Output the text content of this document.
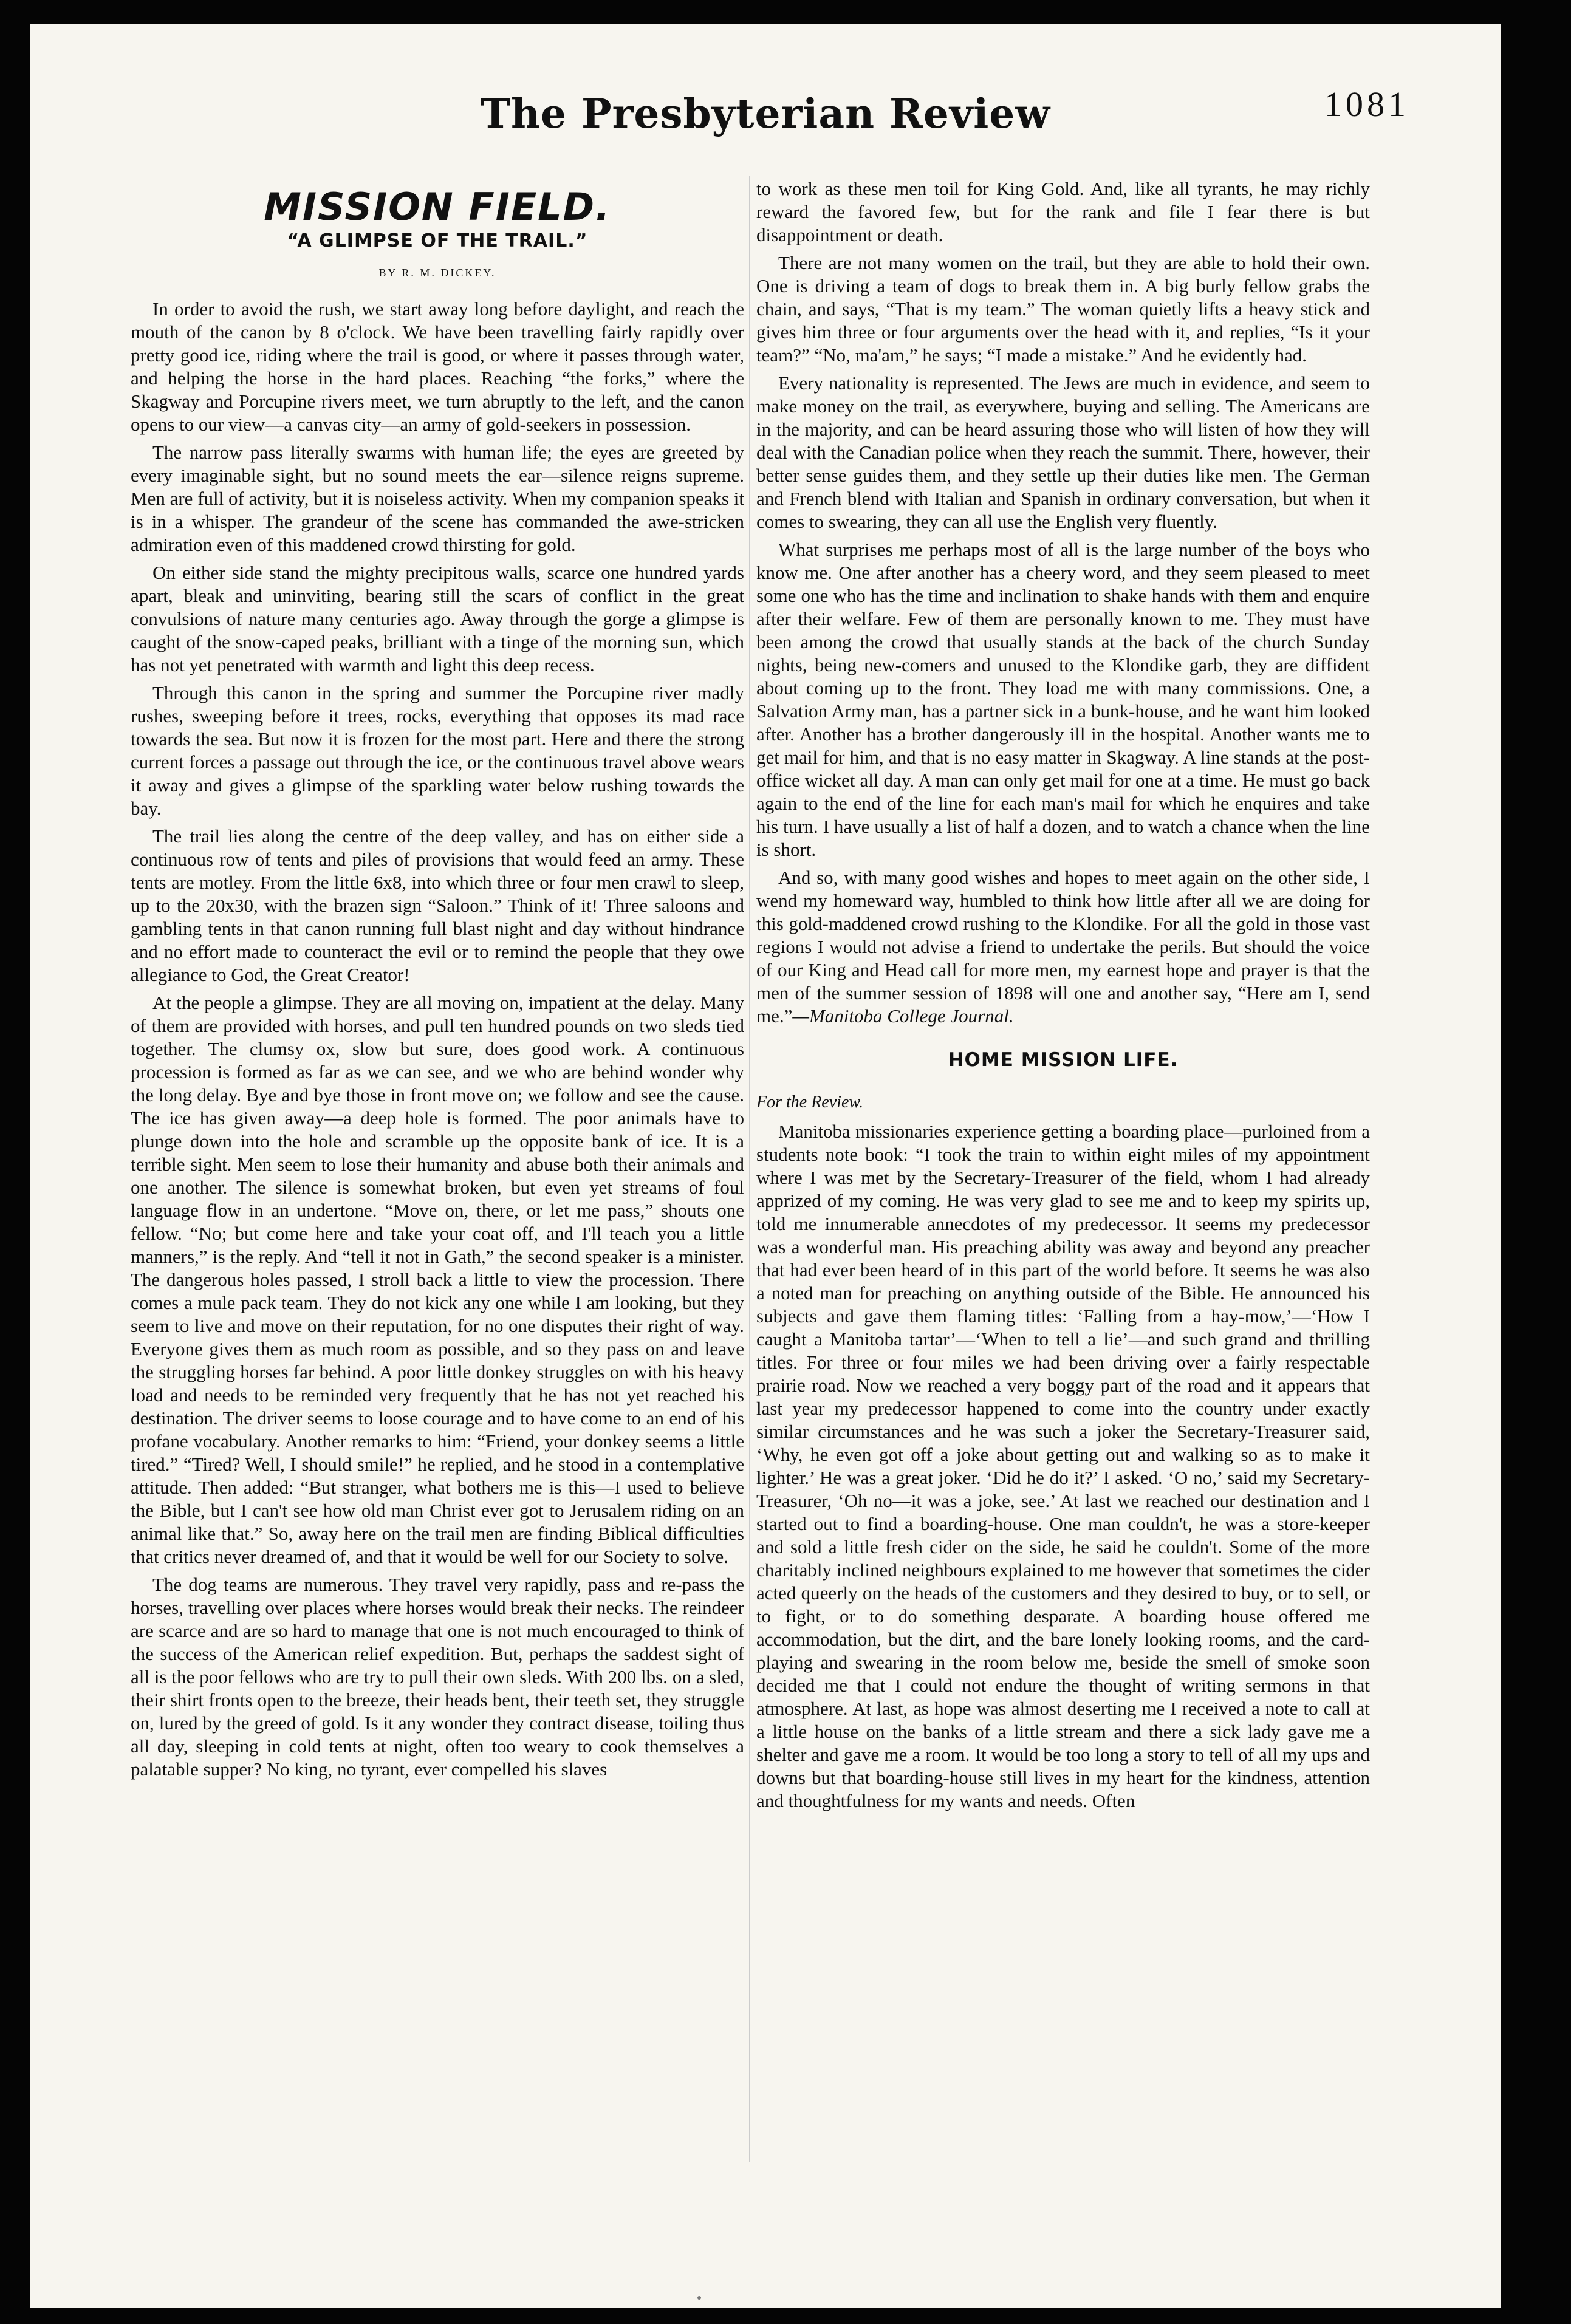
The Presbyterian Review	1081
MISSION FIELD.
“A GLIMPSE OF THE TRAIL.”
BY R. M. DICKEY.

In order to avoid the rush, we start away long before daylight, and reach the mouth of the canon by 8 o'clock. We have been travelling fairly rapidly over pretty good ice, riding where the trail is good, or where it passes through water, and helping the horse in the hard places. Reaching “the forks,” where the Skagway and Porcupine rivers meet, we turn abruptly to the left, and the canon opens to our view—a canvas city—an army of gold-seekers in possession.

The narrow pass literally swarms with human life; the eyes are greeted by every imaginable sight, but no sound meets the ear—silence reigns supreme. Men are full of activity, but it is noiseless activity. When my companion speaks it is in a whisper. The grandeur of the scene has commanded the awe-stricken admiration even of this maddened crowd thirsting for gold.

On either side stand the mighty precipitous walls, scarce one hundred yards apart, bleak and uninviting, bearing still the scars of conflict in the great convulsions of nature many centuries ago. Away through the gorge a glimpse is caught of the snow-caped peaks, brilliant with a tinge of the morning sun, which has not yet penetrated with warmth and light this deep recess.

Through this canon in the spring and summer the Porcupine river madly rushes, sweeping before it trees, rocks, everything that opposes its mad race towards the sea. But now it is frozen for the most part. Here and there the strong current forces a passage out through the ice, or the continuous travel above wears it away and gives a glimpse of the sparkling water below rushing towards the bay.

The trail lies along the centre of the deep valley, and has on either side a continuous row of tents and piles of provisions that would feed an army. These tents are motley. From the little 6x8, into which three or four men crawl to sleep, up to the 20x30, with the brazen sign “Saloon.” Think of it! Three saloons and gambling tents in that canon running full blast night and day without hindrance and no effort made to counteract the evil or to remind the people that they owe allegiance to God, the Great Creator!

At the people a glimpse. They are all moving on, impatient at the delay. Many of them are provided with horses, and pull ten hundred pounds on two sleds tied together. The clumsy ox, slow but sure, does good work. A continuous procession is formed as far as we can see, and we who are behind wonder why the long delay. Bye and bye those in front move on; we follow and see the cause. The ice has given away—a deep hole is formed. The poor animals have to plunge down into the hole and scramble up the opposite bank of ice. It is a terrible sight. Men seem to lose their humanity and abuse both their animals and one another. The silence is somewhat broken, but even yet streams of foul language flow in an undertone. “Move on, there, or let me pass,” shouts one fellow. “No; but come here and take your coat off, and I'll teach you a little manners,” is the reply. And “tell it not in Gath,” the second speaker is a minister. The dangerous holes passed, I stroll back a little to view the procession. There comes a mule pack team. They do not kick any one while I am looking, but they seem to live and move on their reputation, for no one disputes their right of way. Everyone gives them as much room as possible, and so they pass on and leave the struggling horses far behind. A poor little donkey struggles on with his heavy load and needs to be reminded very frequently that he has not yet reached his destination. The driver seems to loose courage and to have come to an end of his profane vocabulary. Another remarks to him: “Friend, your donkey seems a little tired.” “Tired? Well, I should smile!” he replied, and he stood in a contemplative attitude. Then added: “But stranger, what bothers me is this—I used to believe the Bible, but I can't see how old man Christ ever got to Jerusalem riding on an animal like that.” So, away here on the trail men are finding Biblical difficulties that critics never dreamed of, and that it would be well for our Society to solve.

The dog teams are numerous. They travel very rapidly, pass and re-pass the horses, travelling over places where horses would break their necks. The reindeer are scarce and are so hard to manage that one is not much encouraged to think of the success of the American relief expedition. But, perhaps the saddest sight of all is the poor fellows who are try to pull their own sleds. With 200 lbs. on a sled, their shirt fronts open to the breeze, their heads bent, their teeth set, they struggle on, lured by the greed of gold. Is it any wonder they contract disease, toiling thus all day, sleeping in cold tents at night, often too weary to cook themselves a palatable supper? No king, no tyrant, ever compelled his slaves

to work as these men toil for King Gold. And, like all tyrants, he may richly reward the favored few, but for the rank and file I fear there is but disappointment or death.

There are not many women on the trail, but they are able to hold their own. One is driving a team of dogs to break them in. A big burly fellow grabs the chain, and says, “That is my team.” The woman quietly lifts a heavy stick and gives him three or four arguments over the head with it, and replies, “Is it your team?” “No, ma'am,” he says; “I made a mistake.” And he evidently had.

Every nationality is represented. The Jews are much in evidence, and seem to make money on the trail, as everywhere, buying and selling. The Americans are in the majority, and can be heard assuring those who will listen of how they will deal with the Canadian police when they reach the summit. There, however, their better sense guides them, and they settle up their duties like men. The German and French blend with Italian and Spanish in ordinary conversation, but when it comes to swearing, they can all use the English very fluently.

What surprises me perhaps most of all is the large number of the boys who know me. One after another has a cheery word, and they seem pleased to meet some one who has the time and inclination to shake hands with them and enquire after their welfare. Few of them are personally known to me. They must have been among the crowd that usually stands at the back of the church Sunday nights, being new-comers and unused to the Klondike garb, they are diffident about coming up to the front. They load me with many commissions. One, a Salvation Army man, has a partner sick in a bunk-house, and he want him looked after. Another has a brother dangerously ill in the hospital. Another wants me to get mail for him, and that is no easy matter in Skagway. A line stands at the post-office wicket all day. A man can only get mail for one at a time. He must go back again to the end of the line for each man's mail for which he enquires and take his turn. I have usually a list of half a dozen, and to watch a chance when the line is short.

And so, with many good wishes and hopes to meet again on the other side, I wend my homeward way, humbled to think how little after all we are doing for this gold-maddened crowd rushing to the Klondike. For all the gold in those vast regions I would not advise a friend to undertake the perils. But should the voice of our King and Head call for more men, my earnest hope and prayer is that the men of the summer session of 1898 will one and another say, “Here am I, send me.”—Manitoba College Journal.

HOME MISSION LIFE.
For the Review.

Manitoba missionaries experience getting a boarding place—purloined from a students note book: “I took the train to within eight miles of my appointment where I was met by the Secretary-Treasurer of the field, whom I had already apprized of my coming. He was very glad to see me and to keep my spirits up, told me innumerable annecdotes of my predecessor. It seems my predecessor was a wonderful man. His preaching ability was away and beyond any preacher that had ever been heard of in this part of the world before. It seems he was also a noted man for preaching on anything outside of the Bible. He announced his subjects and gave them flaming titles: ‘Falling from a hay-mow,’—‘How I caught a Manitoba tartar’—‘When to tell a lie’—and such grand and thrilling titles. For three or four miles we had been driving over a fairly respectable prairie road. Now we reached a very boggy part of the road and it appears that last year my predecessor happened to come into the country under exactly similar circumstances and he was such a joker the Secretary-Treasurer said, ‘Why, he even got off a joke about getting out and walking so as to make it lighter.’ He was a great joker. ‘Did he do it?’ I asked. ‘O no,’ said my Secretary-Treasurer, ‘Oh no—it was a joke, see.’ At last we reached our destination and I started out to find a boarding-house. One man couldn't, he was a store-keeper and sold a little fresh cider on the side, he said he couldn't. Some of the more charitably inclined neighbours explained to me however that sometimes the cider acted queerly on the heads of the customers and they desired to buy, or to sell, or to fight, or to do something desparate. A boarding house offered me accommodation, but the dirt, and the bare lonely looking rooms, and the card-playing and swearing in the room below me, beside the smell of smoke soon decided me that I could not endure the thought of writing sermons in that atmosphere. At last, as hope was almost deserting me I received a note to call at a little house on the banks of a little stream and there a sick lady gave me a shelter and gave me a room. It would be too long a story to tell of all my ups and downs but that boarding-house still lives in my heart for the kindness, attention and thoughtfulness for my wants and needs. Often
